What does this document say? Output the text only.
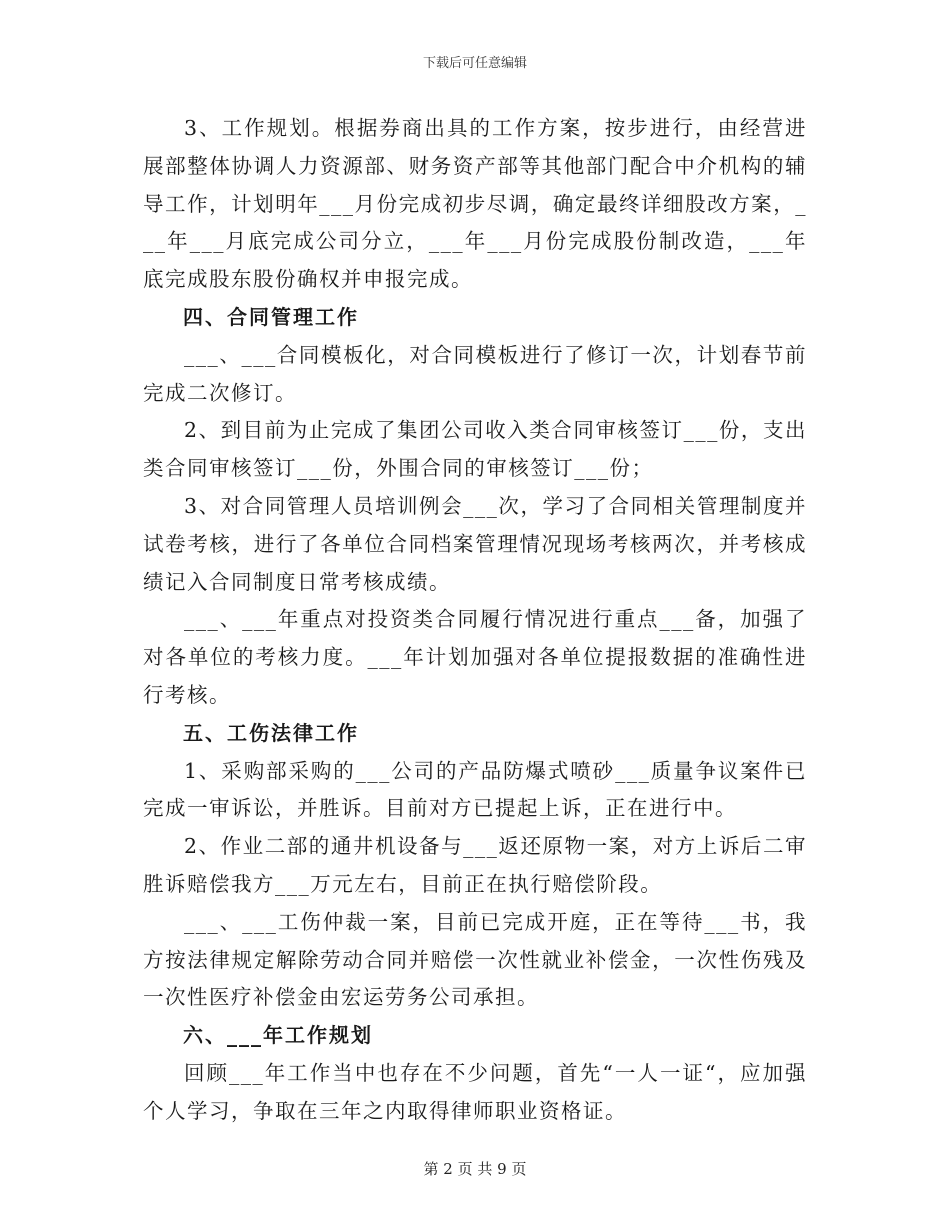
下载后可任意编辑

3、工作规划。根据券商出具的工作方案，按步进行，由经营进展部整体协调人力资源部、财务资产部等其他部门配合中介机构的辅导工作，计划明年___月份完成初步尽调，确定最终详细股改方案，___年___月底完成公司分立，___年___月份完成股份制改造，___年底完成股东股份确权并申报完成。

四、合同管理工作

___、___合同模板化，对合同模板进行了修订一次，计划春节前完成二次修订。

2、到目前为止完成了集团公司收入类合同审核签订___份，支出类合同审核签订___份，外围合同的审核签订___份；

3、对合同管理人员培训例会___次，学习了合同相关管理制度并试卷考核，进行了各单位合同档案管理情况现场考核两次，并考核成绩记入合同制度日常考核成绩。

___、___年重点对投资类合同履行情况进行重点___备，加强了对各单位的考核力度。___年计划加强对各单位提报数据的准确性进行考核。

五、工伤法律工作

1、采购部采购的___公司的产品防爆式喷砂___质量争议案件已完成一审诉讼，并胜诉。目前对方已提起上诉，正在进行中。

2、作业二部的通井机设备与___返还原物一案，对方上诉后二审胜诉赔偿我方___万元左右，目前正在执行赔偿阶段。

___、___工伤仲裁一案，目前已完成开庭，正在等待___书，我方按法律规定解除劳动合同并赔偿一次性就业补偿金，一次性伤残及一次性医疗补偿金由宏运劳务公司承担。

六、___年工作规划

回顾___年工作当中也存在不少问题，首先“一人一证“，应加强个人学习，争取在三年之内取得律师职业资格证。

第 2 页 共 9 页
